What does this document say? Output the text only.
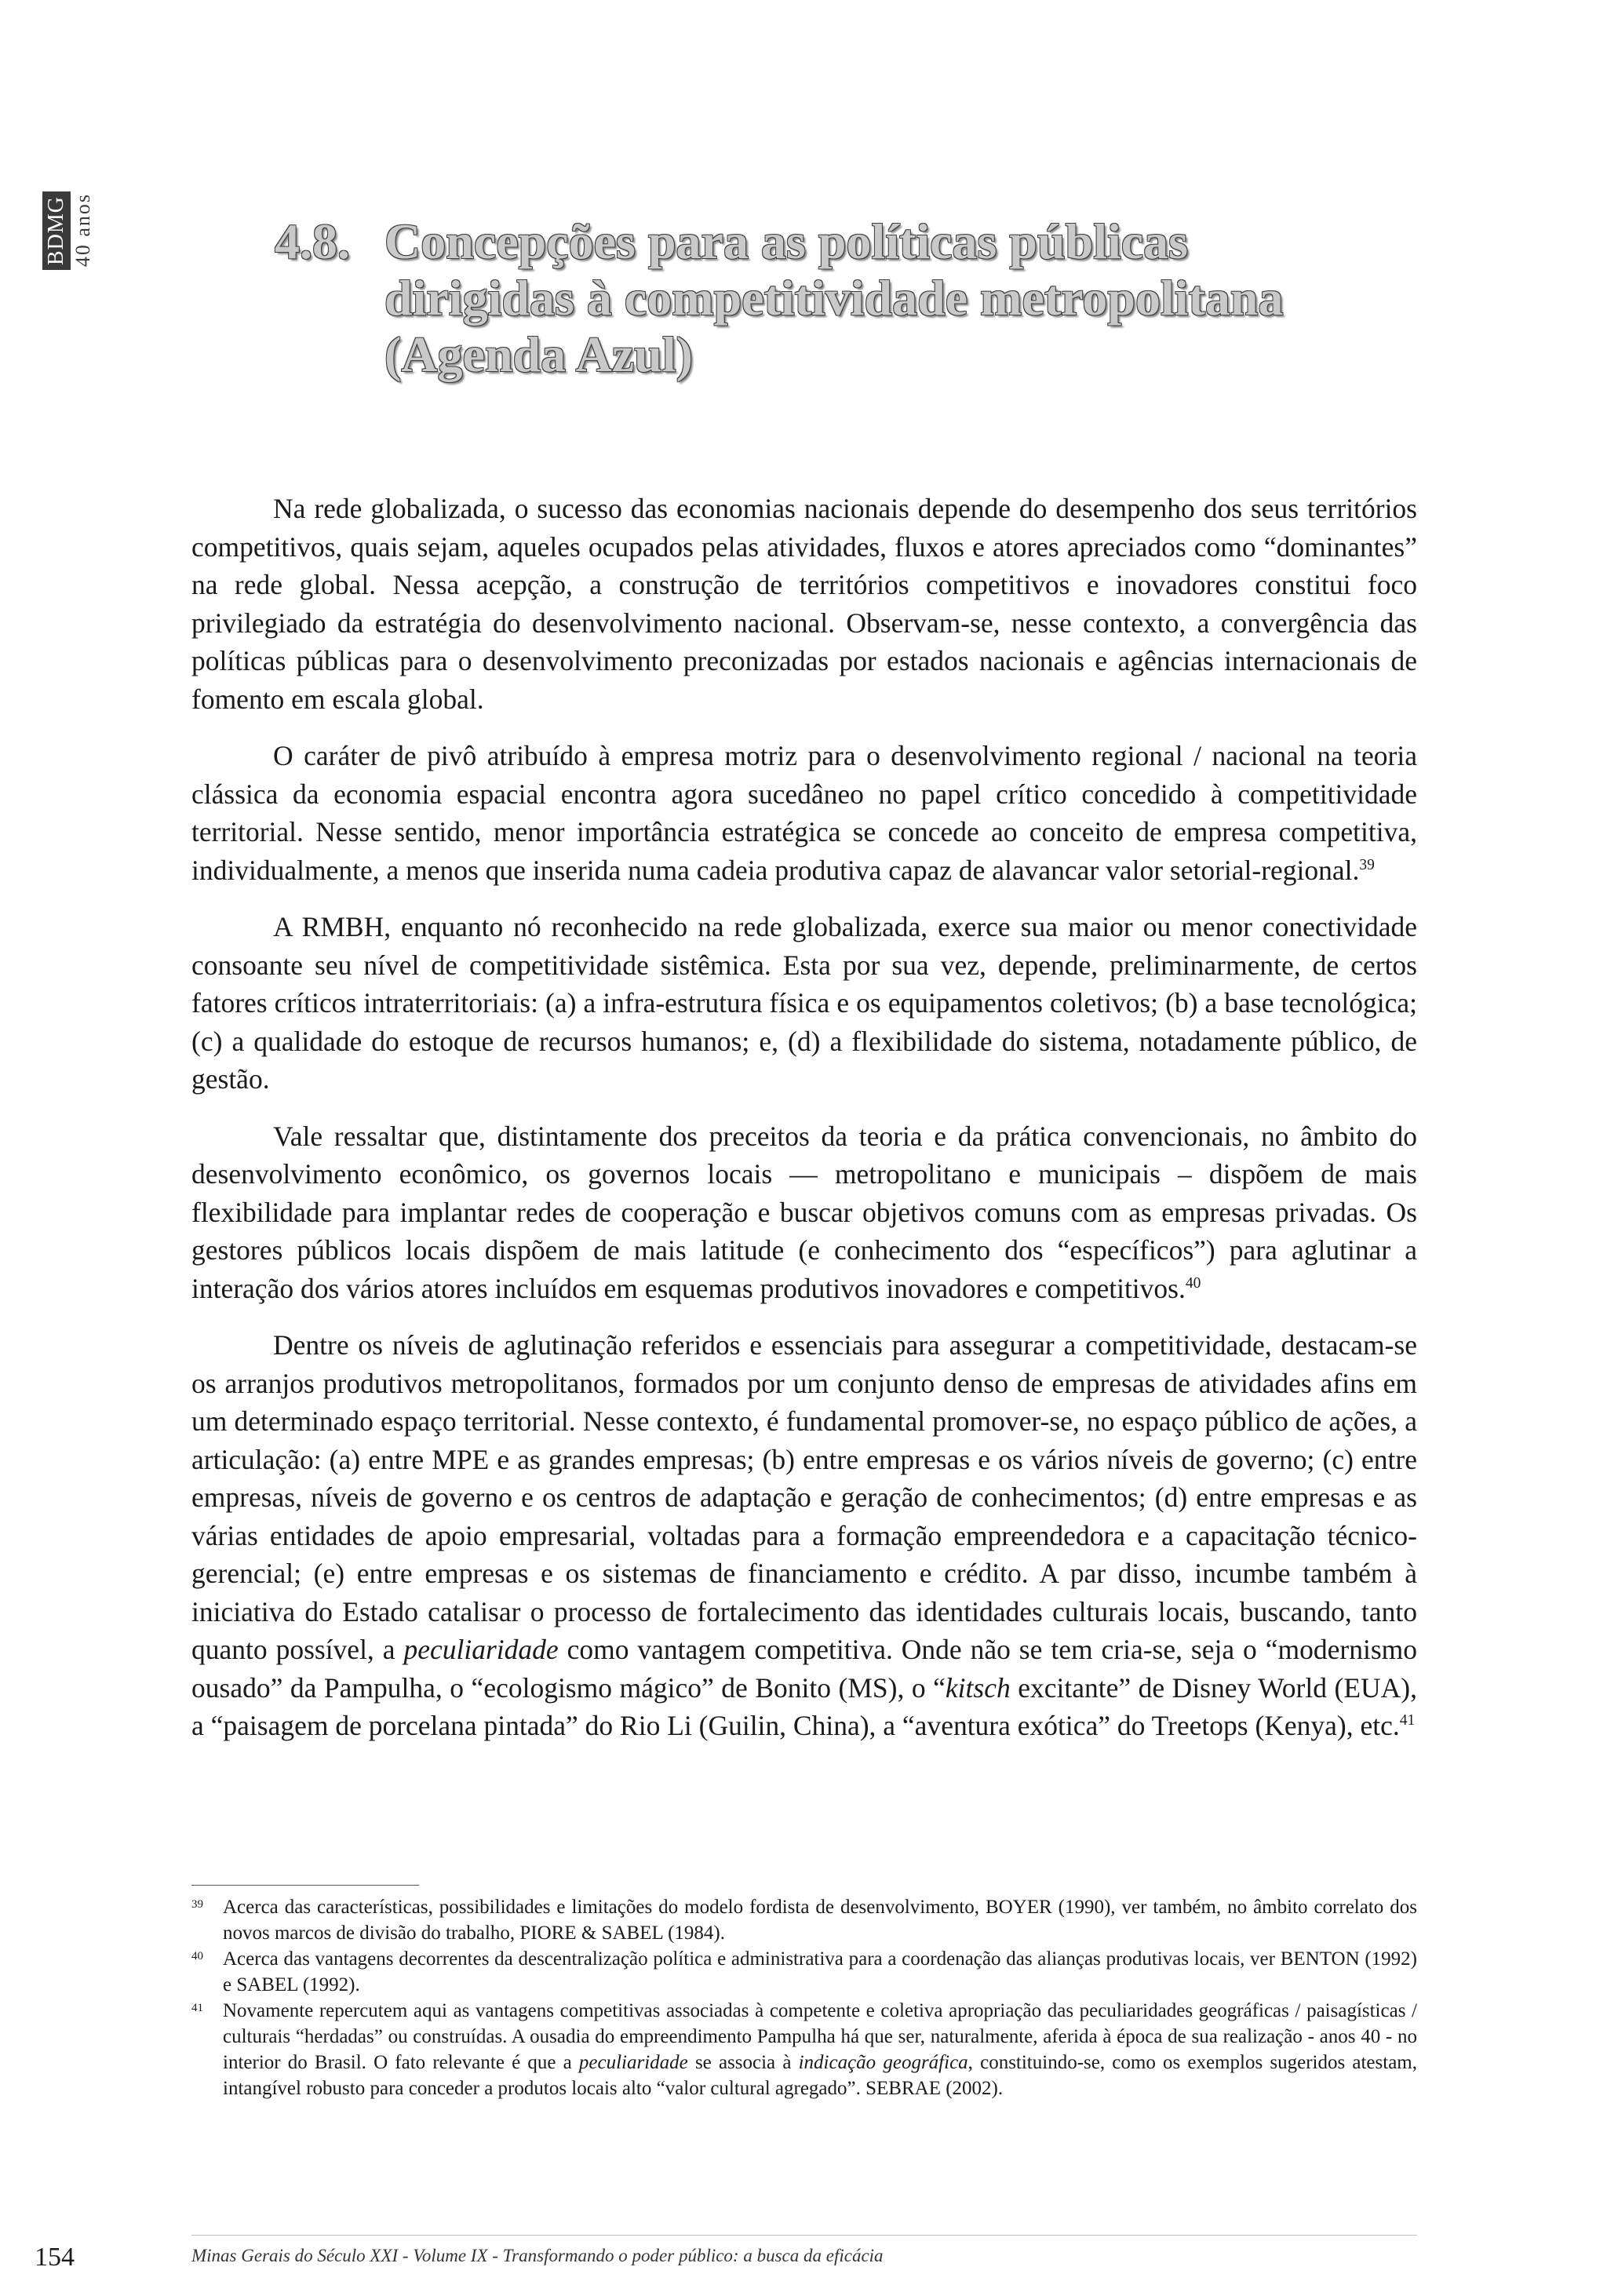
BDMG 40 anos	4.8. Concepções para as políticas públicas
dirigidas à competitividade metropolitana
(Agenda Azul)

Na rede globalizada, o sucesso das economias nacionais depende do desempenho dos seus territórios competitivos, quais sejam, aqueles ocupados pelas atividades, fluxos e atores apreciados como “dominantes” na rede global. Nessa acepção, a construção de territórios competitivos e inovadores constitui foco privilegiado da estratégia do desenvolvimento nacional. Observam-se, nesse contexto, a convergência das políticas públicas para o desenvolvimento preconizadas por estados nacionais e agências internacionais de fomento em escala global.

O caráter de pivô atribuído à empresa motriz para o desenvolvimento regional / nacional na teoria clássica da economia espacial encontra agora sucedâneo no papel crítico concedido à competitividade territorial. Nesse sentido, menor importância estratégica se concede ao conceito de empresa competitiva, individualmente, a menos que inserida numa cadeia produtiva capaz de alavancar valor setorial-regional.$^{39}$

A RMBH, enquanto nó reconhecido na rede globalizada, exerce sua maior ou menor conectividade consoante seu nível de competitividade sistêmica. Esta por sua vez, depende, preliminarmente, de certos fatores críticos intraterritoriais: (a) a infra-estrutura física e os equipamentos coletivos; (b) a base tecnológica; (c) a qualidade do estoque de recursos humanos; e, (d) a flexibilidade do sistema, notadamente público, de gestão.

Vale ressaltar que, distintamente dos preceitos da teoria e da prática convencionais, no âmbito do desenvolvimento econômico, os governos locais — metropolitano e municipais – dispõem de mais flexibilidade para implantar redes de cooperação e buscar objetivos comuns com as empresas privadas. Os gestores públicos locais dispõem de mais latitude (e conhecimento dos “específicos”) para aglutinar a interação dos vários atores incluídos em esquemas produtivos inovadores e competitivos.$^{40}$

Dentre os níveis de aglutinação referidos e essenciais para assegurar a competitividade, destacam-se os arranjos produtivos metropolitanos, formados por um conjunto denso de empresas de atividades afins em um determinado espaço territorial. Nesse contexto, é fundamental promover-se, no espaço público de ações, a articulação: (a) entre MPE e as grandes empresas; (b) entre empresas e os vários níveis de governo; (c) entre empresas, níveis de governo e os centros de adaptação e geração de conhecimentos; (d) entre empresas e as várias entidades de apoio empresarial, voltadas para a formação empreendedora e a capacitação técnico-gerencial; (e) entre empresas e os sistemas de financiamento e crédito. A par disso, incumbe também à iniciativa do Estado catalisar o processo de fortalecimento das identidades culturais locais, buscando, tanto quanto possível, a peculiaridade como vantagem competitiva. Onde não se tem cria-se, seja o “modernismo ousado” da Pampulha, o “ecologismo mágico” de Bonito (MS), o “kitsch excitante” de Disney World (EUA), a “paisagem de porcelana pintada” do Rio Li (Guilin, China), a “aventura exótica” do Treetops (Kenya), etc.$^{41}$

39	Acerca das características, possibilidades e limitações do modelo fordista de desenvolvimento, BOYER (1990), ver também, no âmbito correlato dos novos marcos de divisão do trabalho, PIORE & SABEL (1984).
40	Acerca das vantagens decorrentes da descentralização política e administrativa para a coordenação das alianças produtivas locais, ver BENTON (1992) e SABEL (1992).
41	Novamente repercutem aqui as vantagens competitivas associadas à competente e coletiva apropriação das peculiaridades geográficas / paisagísticas / culturais “herdadas” ou construídas. A ousadia do empreendimento Pampulha há que ser, naturalmente, aferida à época de sua realização - anos 40 - no interior do Brasil. O fato relevante é que a peculiaridade se associa à indicação geográfica, constituindo-se, como os exemplos sugeridos atestam, intangível robusto para conceder a produtos locais alto “valor cultural agregado”. SEBRAE (2002).
154	Minas Gerais do Século XXI - Volume IX - Transformando o poder público: a busca da eficácia
